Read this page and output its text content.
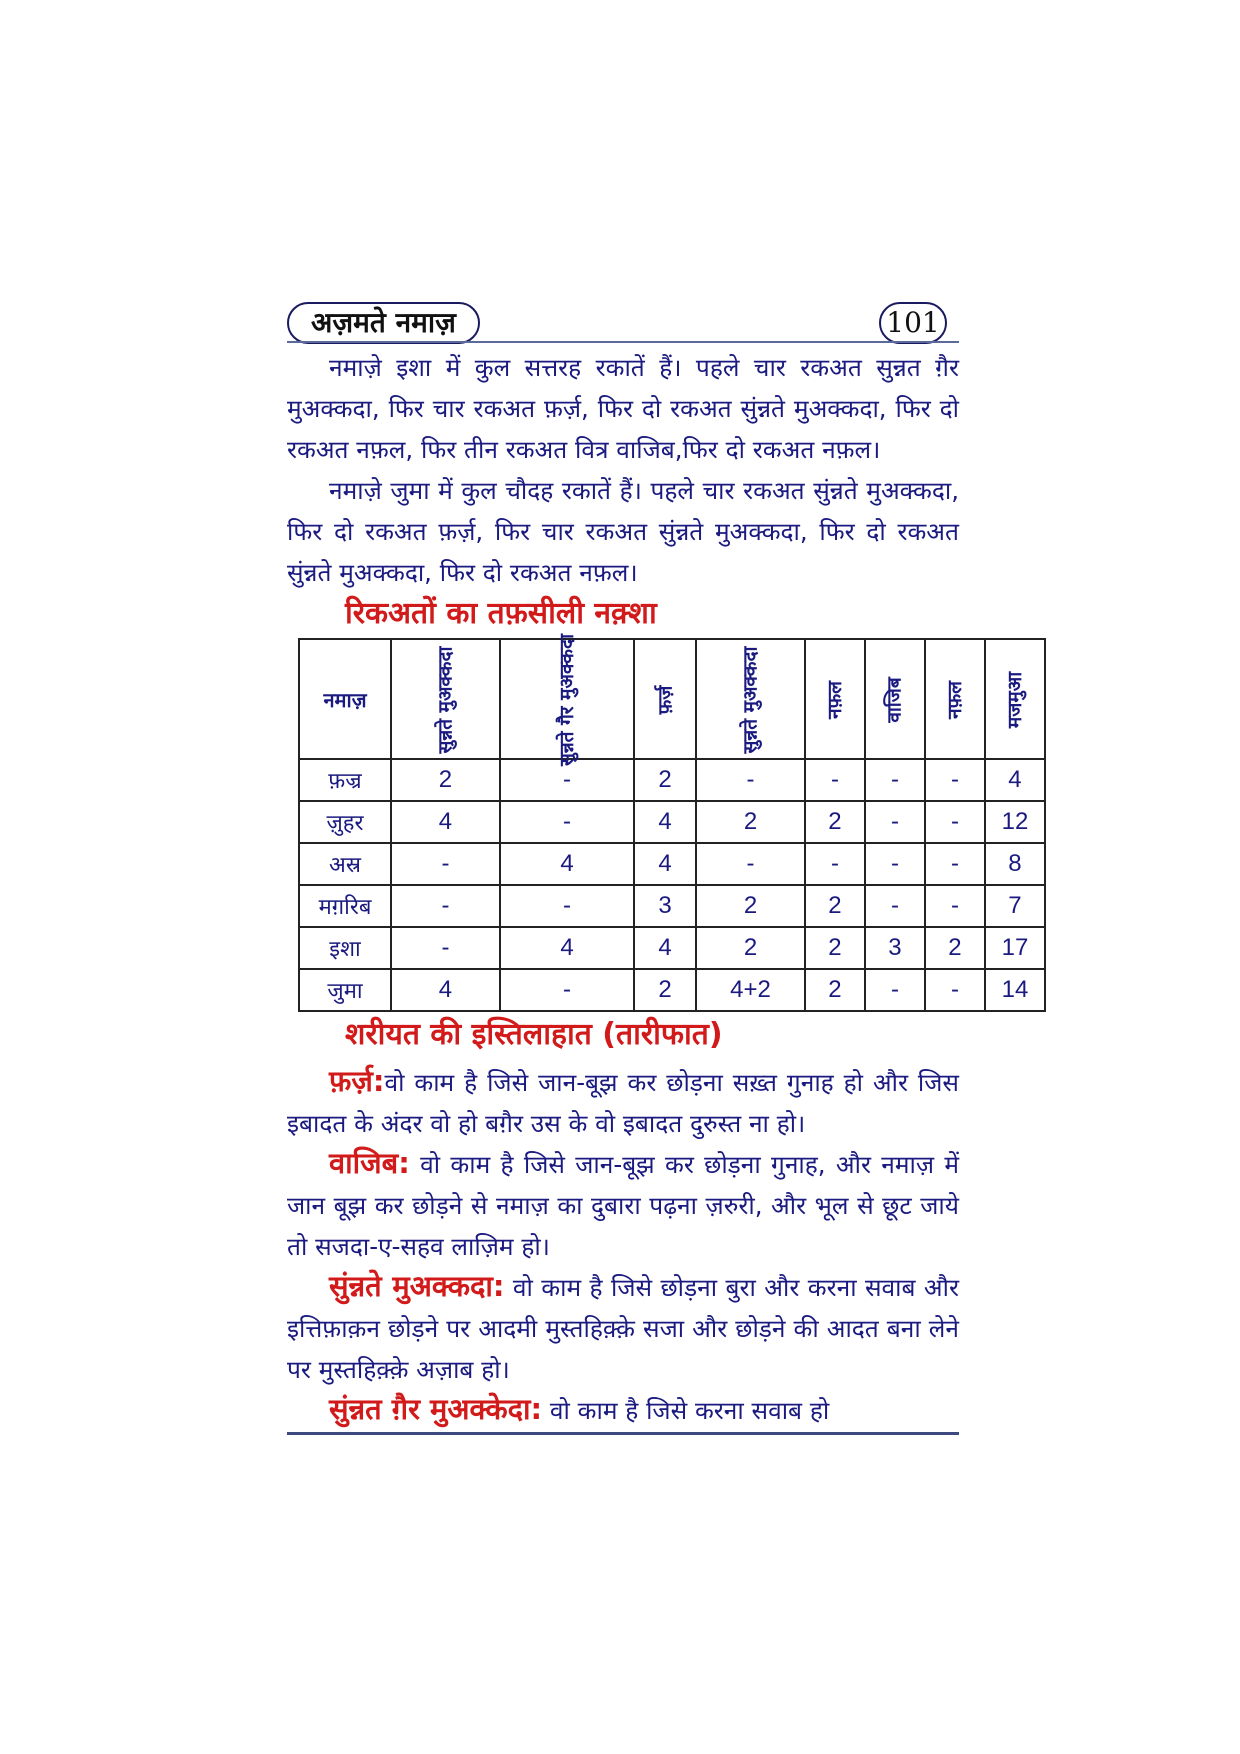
अज़मते नमाज़	101

नमाज़े इशा में कुल सत्तरह रकातें हैं। पहले चार रकअत सुन्नत ग़ैर मुअक्कदा, फिर चार रकअत फ़र्ज़, फिर दो रकअत सुंन्नते मुअक्कदा, फिर दो रकअत नफ़ल, फिर तीन रकअत वित्र वाजिब,फिर दो रकअत नफ़ल।

नमाज़े जुमा में कुल चौदह रकातें हैं। पहले चार रकअत सुंन्नते मुअक्कदा, फिर दो रकअत फ़र्ज़, फिर चार रकअत सुंन्नते मुअक्कदा, फिर दो रकअत सुंन्नते मुअक्कदा, फिर दो रकअत नफ़ल।

रिकअतों का तफ़सीली नक़्शा
नमाज़	सुन्नते मुअक्कदा	सुन्नते गैर मुअक्कदा	फ़र्ज़	सुन्नते मुअक्कदा	नफ़ल	वाजिब	नफ़ल	मजमुआ
फ़ज्र	2	-	2	-	-	-	-	4
ज़ुहर	4	-	4	2	2	-	-	12
अस्र	-	4	4	-	-	-	-	8
मग़रिब	-	-	3	2	2	-	-	7
इशा	-	4	4	2	2	3	2	17
जुमा	4	-	2	4+2	2	-	-	14
शरीयत की इस्तिलाहात (तारीफात)

फ़र्ज़:वो काम है जिसे जान-बूझ कर छोड़ना सख़्त गुनाह हो और जिस इबादत के अंदर वो हो बग़ैर उस के वो इबादत दुरुस्त ना हो।

वाजिब: वो काम है जिसे जान-बूझ कर छोड़ना गुनाह, और नमाज़ में जान बूझ कर छोड़ने से नमाज़ का दुबारा पढ़ना ज़रुरी, और भूल से छूट जाये तो सजदा-ए-सहव लाज़िम हो।

सुंन्नते मुअक्कदा: वो काम है जिसे छोड़ना बुरा और करना सवाब और इत्तिफ़ाक़न छोड़ने पर आदमी मुस्तहिक़्क़े सजा और छोड़ने की आदत बना लेने पर मुस्तहिक़्क़े अज़ाब हो।

सुंन्नत ग़ैर मुअक्केदा: वो काम है जिसे करना सवाब हो
